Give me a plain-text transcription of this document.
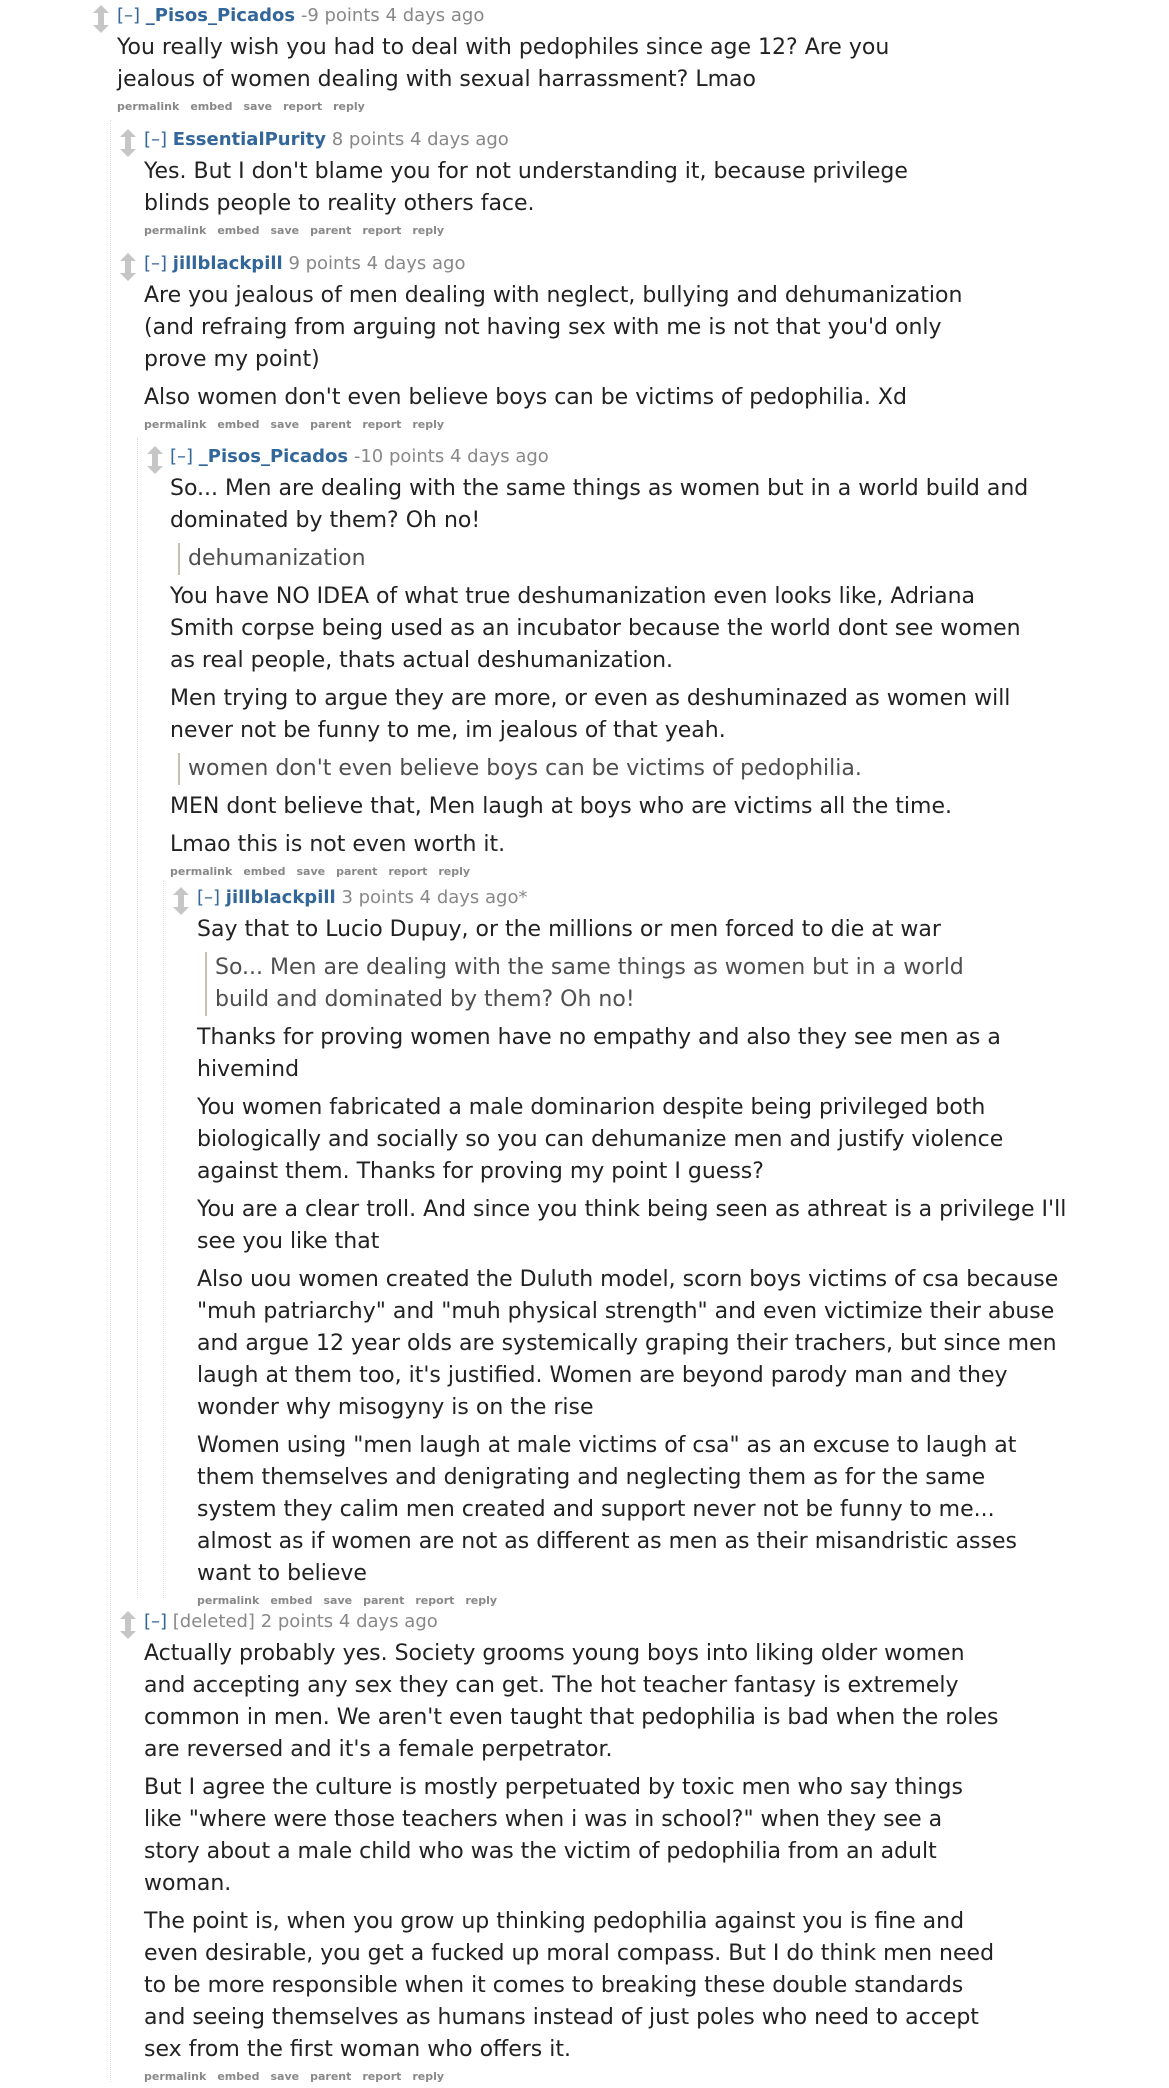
[–] _Pisos_Picados -9 points 4 days ago

You really wish you had to deal with pedophiles since age 12? Are you jealous of women dealing with sexual harrassment? Lmao

permalink embed save report reply
[–] EssentialPurity 8 points 4 days ago

Yes. But I don't blame you for not understanding it, because privilege blinds people to reality others face.

permalink embed save parent report reply
[–] jillblackpill 9 points 4 days ago

Are you jealous of men dealing with neglect, bullying and dehumanization (and refraing from arguing not having sex with me is not that you'd only prove my point)

Also women don't even believe boys can be victims of pedophilia. Xd

permalink embed save parent report reply
[–] _Pisos_Picados -10 points 4 days ago

So... Men are dealing with the same things as women but in a world build and dominated by them? Oh no!

dehumanization

You have NO IDEA of what true deshumanization even looks like, Adriana Smith corpse being used as an incubator because the world dont see women as real people, thats actual deshumanization.

Men trying to argue they are more, or even as deshuminazed as women will never not be funny to me, im jealous of that yeah.

women don't even believe boys can be victims of pedophilia.

MEN dont believe that, Men laugh at boys who are victims all the time.

Lmao this is not even worth it.

permalink embed save parent report reply
[–] jillblackpill 3 points 4 days ago*

Say that to Lucio Dupuy, or the millions or men forced to die at war

So... Men are dealing with the same things as women but in a world build and dominated by them? Oh no!

Thanks for proving women have no empathy and also they see men as a hivemind

You women fabricated a male dominarion despite being privileged both biologically and socially so you can dehumanize men and justify violence against them. Thanks for proving my point I guess?

You are a clear troll. And since you think being seen as athreat is a privilege I'll see you like that

Also uou women created the Duluth model, scorn boys victims of csa because "muh patriarchy" and "muh physical strength" and even victimize their abuse and argue 12 year olds are systemically graping their trachers, but since men laugh at them too, it's justified. Women are beyond parody man and they wonder why misogyny is on the rise

Women using "men laugh at male victims of csa" as an excuse to laugh at them themselves and denigrating and neglecting them as for the same system they calim men created and support never not be funny to me... almost as if women are not as different as men as their misandristic asses want to believe

permalink embed save parent report reply
[–] [deleted] 2 points 4 days ago

Actually probably yes. Society grooms young boys into liking older women and accepting any sex they can get. The hot teacher fantasy is extremely common in men. We aren't even taught that pedophilia is bad when the roles are reversed and it's a female perpetrator.

But I agree the culture is mostly perpetuated by toxic men who say things like "where were those teachers when i was in school?" when they see a story about a male child who was the victim of pedophilia from an adult woman.

The point is, when you grow up thinking pedophilia against you is fine and even desirable, you get a fucked up moral compass. But I do think men need to be more responsible when it comes to breaking these double standards and seeing themselves as humans instead of just poles who need to accept sex from the first woman who offers it.

permalink embed save parent report reply
